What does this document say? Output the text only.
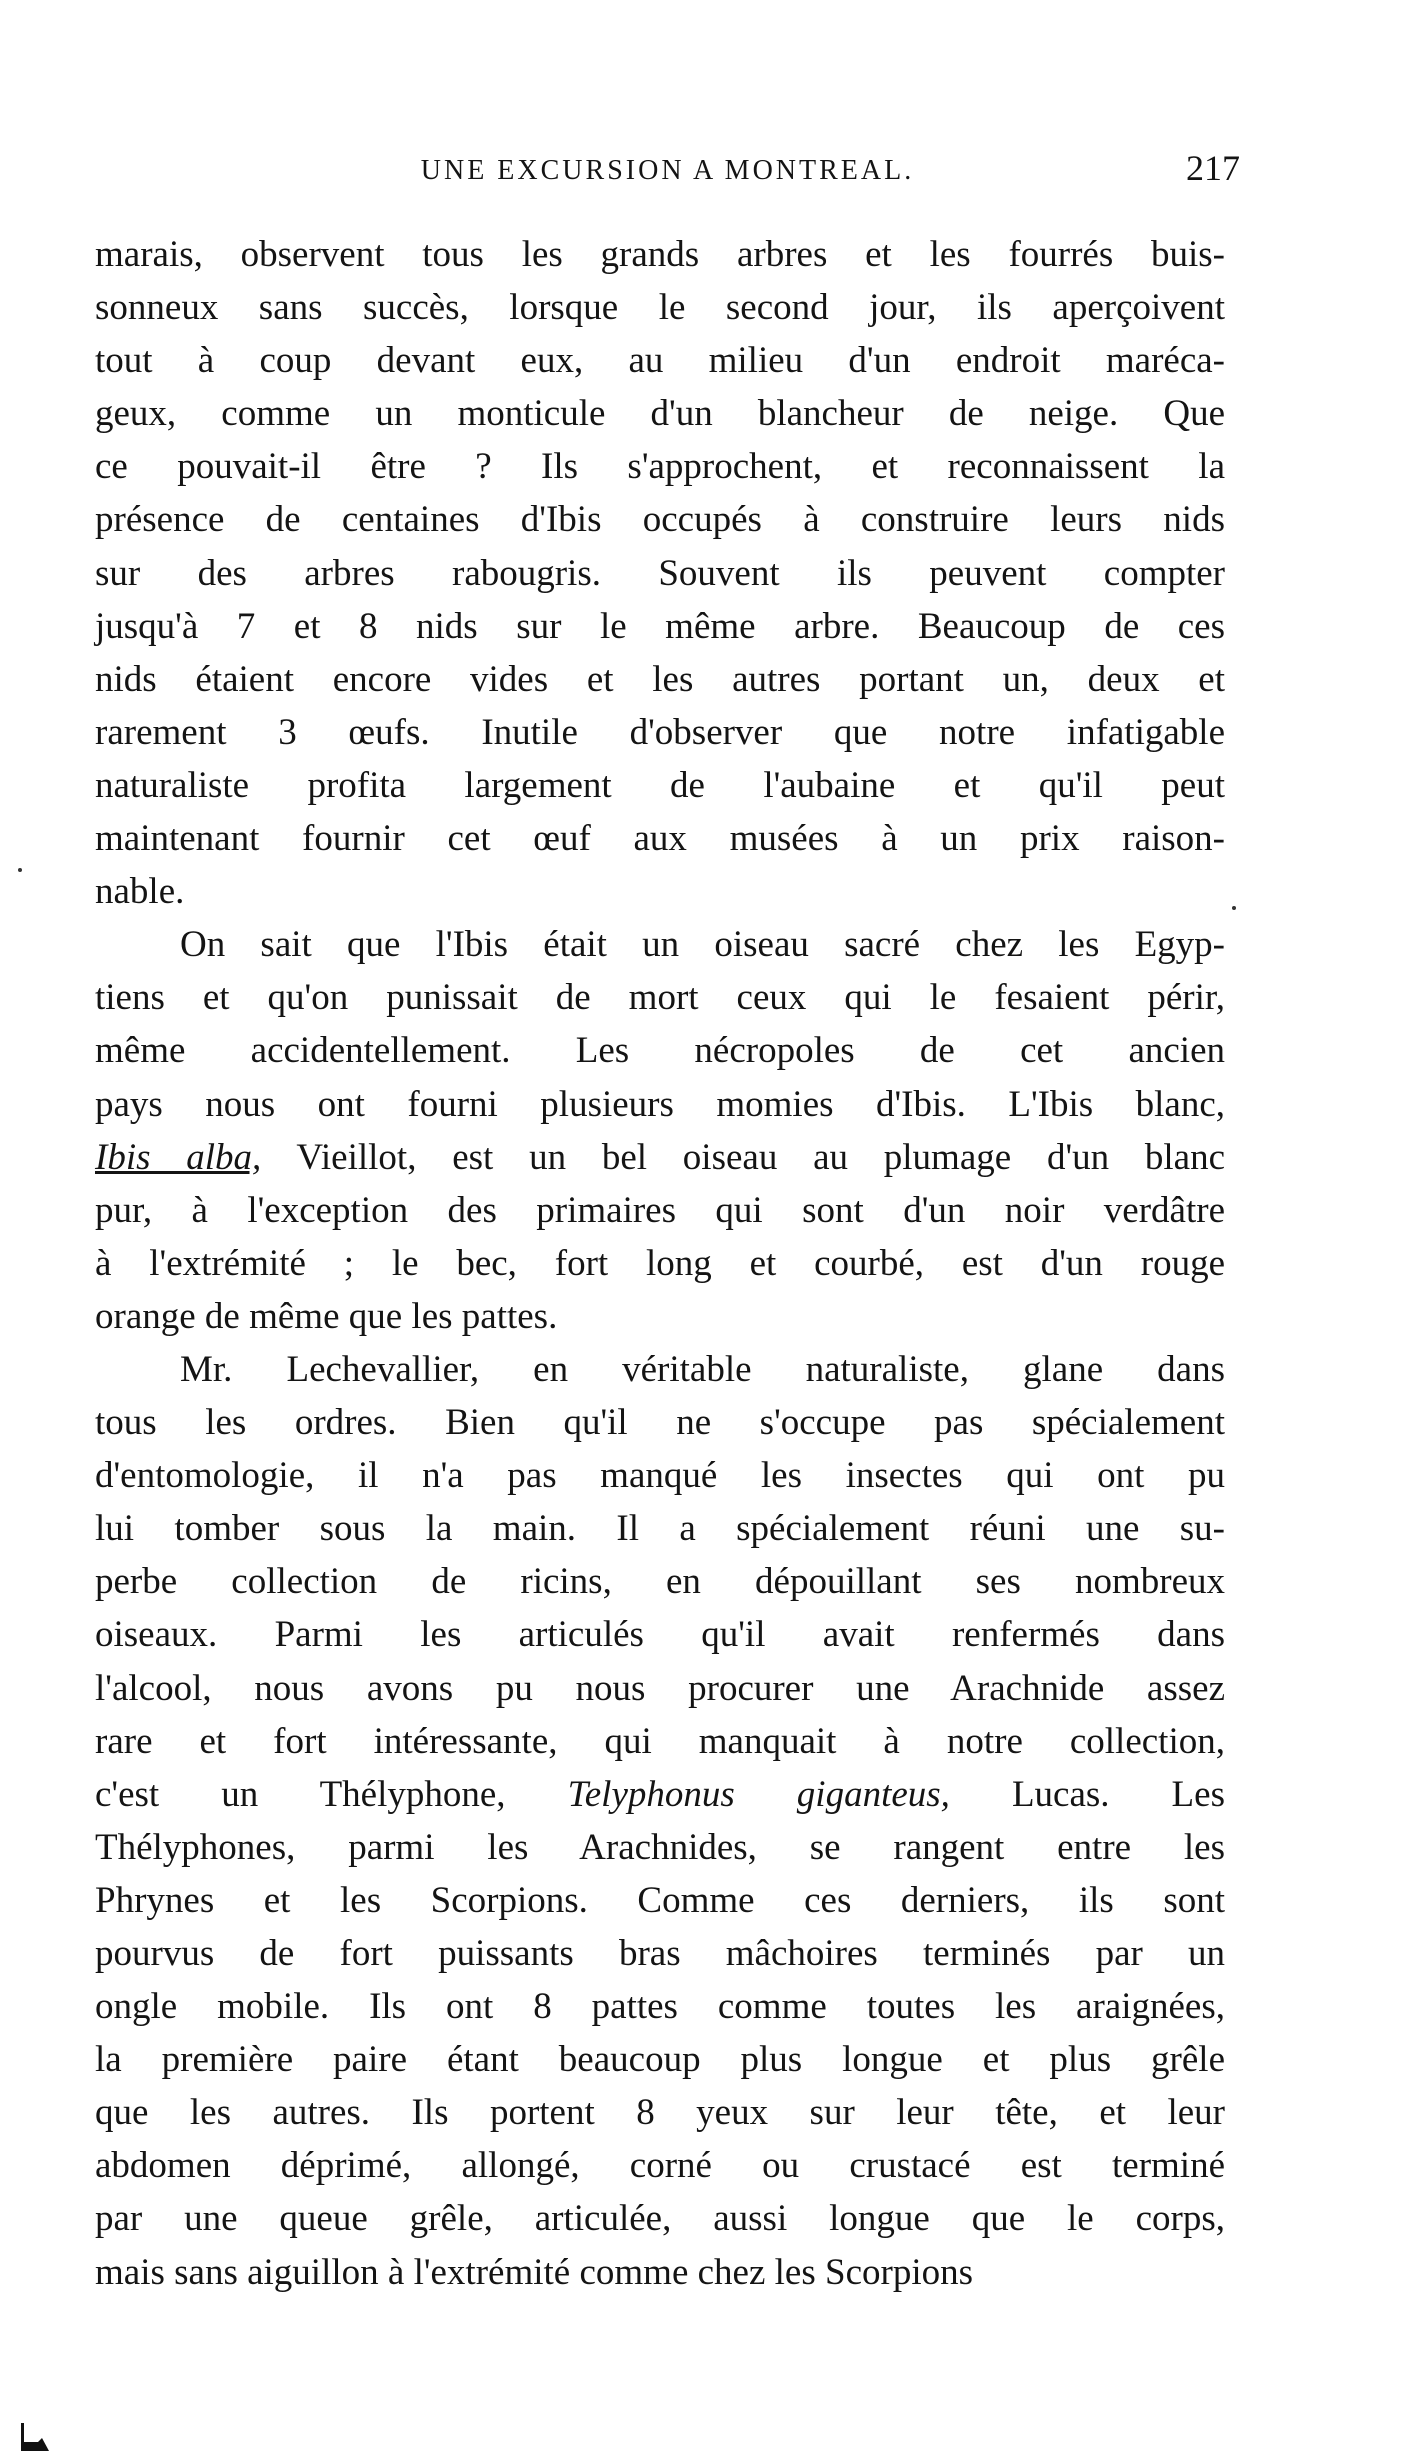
UNE EXCURSION A MONTREAL.	217
marais, observent tous les grands arbres et les fourrés buis-
sonneux sans succès, lorsque le second jour, ils aperçoivent
tout à coup devant eux, au milieu d'un endroit maréca-
geux, comme un monticule d'un blancheur de neige. Que
ce pouvait-il être ? Ils s'approchent, et reconnaissent la
présence de centaines d'Ibis occupés à construire leurs nids
sur des arbres rabougris. Souvent ils peuvent compter
jusqu'à 7 et 8 nids sur le même arbre. Beaucoup de ces
nids étaient encore vides et les autres portant un, deux et
rarement 3 œufs. Inutile d'observer que notre infatigable
naturaliste profita largement de l'aubaine et qu'il peut
maintenant fournir cet œuf aux musées à un prix raison-
nable.
On sait que l'Ibis était un oiseau sacré chez les Egyp-
tiens et qu'on punissait de mort ceux qui le fesaient périr,
même accidentellement. Les nécropoles de cet ancien
pays nous ont fourni plusieurs momies d'Ibis. L'Ibis blanc,
Ibis alba, Vieillot, est un bel oiseau au plumage d'un blanc
pur, à l'exception des primaires qui sont d'un noir verdâtre
à l'extrémité ; le bec, fort long et courbé, est d'un rouge
orange de même que les pattes.
Mr. Lechevallier, en véritable naturaliste, glane dans
tous les ordres. Bien qu'il ne s'occupe pas spécialement
d'entomologie, il n'a pas manqué les insectes qui ont pu
lui tomber sous la main. Il a spécialement réuni une su-
perbe collection de ricins, en dépouillant ses nombreux
oiseaux. Parmi les articulés qu'il avait renfermés dans
l'alcool, nous avons pu nous procurer une Arachnide assez
rare et fort intéressante, qui manquait à notre collection,
c'est un Thélyphone, Telyphonus giganteus, Lucas. Les
Thélyphones, parmi les Arachnides, se rangent entre les
Phrynes et les Scorpions. Comme ces derniers, ils sont
pourvus de fort puissants bras mâchoires terminés par un
ongle mobile. Ils ont 8 pattes comme toutes les araignées,
la première paire étant beaucoup plus longue et plus grêle
que les autres. Ils portent 8 yeux sur leur tête, et leur
abdomen déprimé, allongé, corné ou crustacé est terminé
par une queue grêle, articulée, aussi longue que le corps,
mais sans aiguillon à l'extrémité comme chez les Scorpions
